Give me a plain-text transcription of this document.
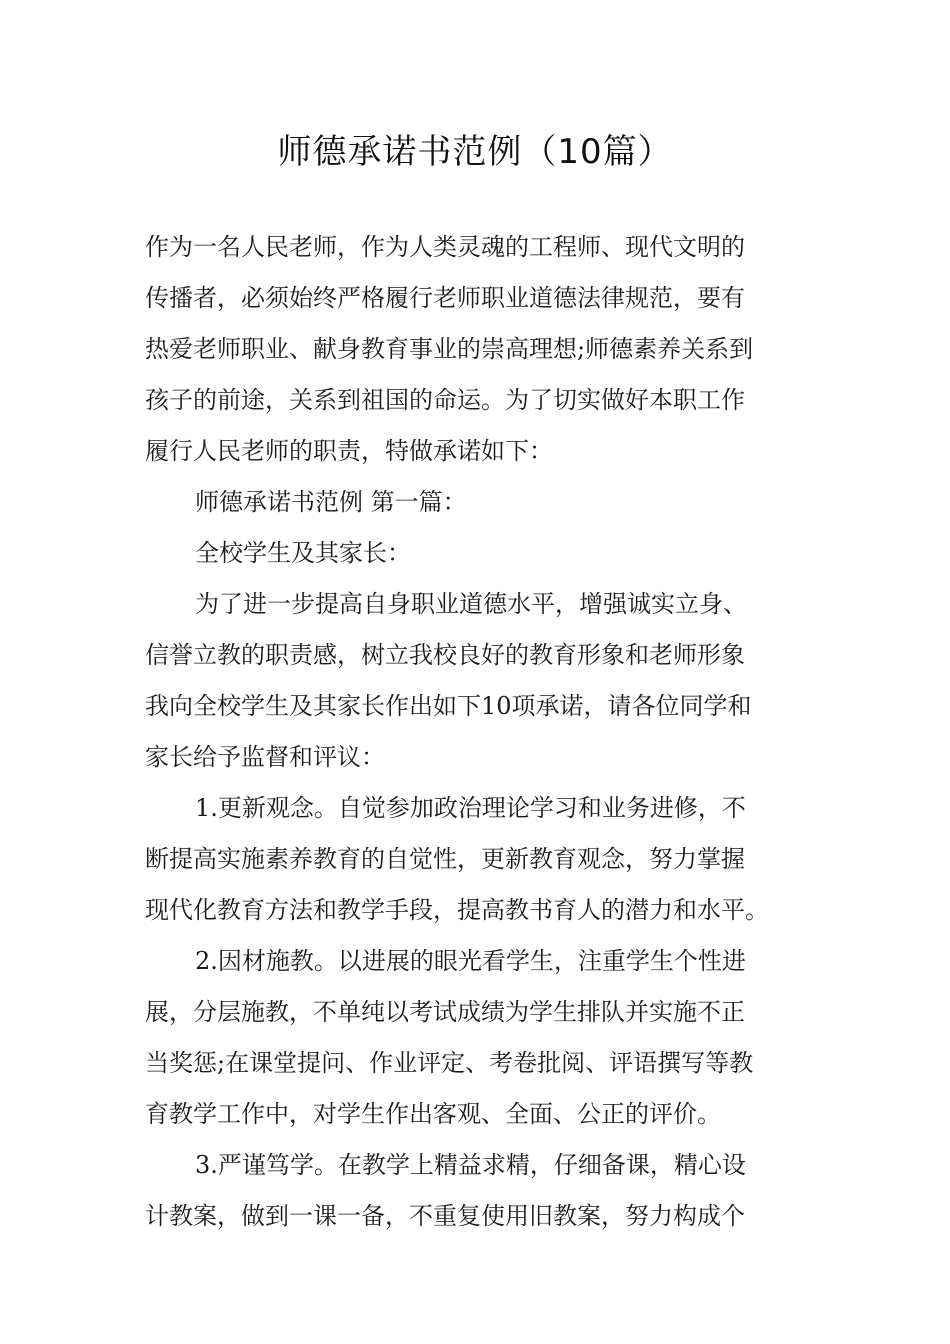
师德承诺书范例（10篇）
作为一名人民老师，作为人类灵魂的工程师、现代文明的
传播者，必须始终严格履行老师职业道德法律规范，要有
热爱老师职业、献身教育事业的崇高理想;师德素养关系到
孩子的前途，关系到祖国的命运。为了切实做好本职工作
履行人民老师的职责，特做承诺如下：
师德承诺书范例 第一篇：
全校学生及其家长：
为了进一步提高自身职业道德水平，增强诚实立身、
信誉立教的职责感，树立我校良好的教育形象和老师形象
我向全校学生及其家长作出如下10项承诺，请各位同学和
家长给予监督和评议：
1.更新观念。自觉参加政治理论学习和业务进修，不
断提高实施素养教育的自觉性，更新教育观念，努力掌握
现代化教育方法和教学手段，提高教书育人的潜力和水平。
2.因材施教。以进展的眼光看学生，注重学生个性进
展，分层施教，不单纯以考试成绩为学生排队并实施不正
当奖惩;在课堂提问、作业评定、考卷批阅、评语撰写等教
育教学工作中，对学生作出客观、全面、公正的评价。
3.严谨笃学。在教学上精益求精，仔细备课，精心设
计教案，做到一课一备，不重复使用旧教案，努力构成个
